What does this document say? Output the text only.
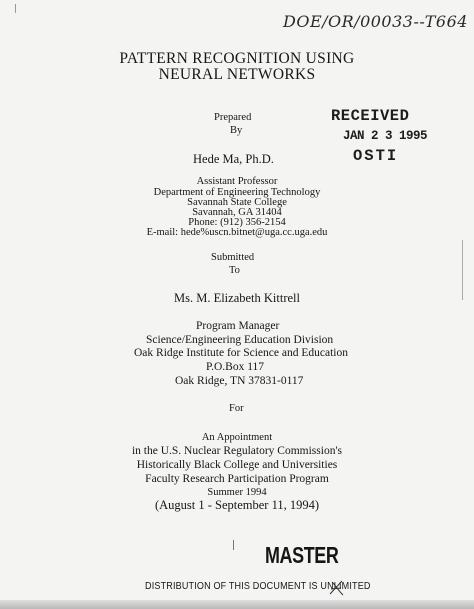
DOE/OR/00033--T664
PATTERN RECOGNITION USING
NEURAL NETWORKS
Prepared
By
RECEIVED
JAN 2 3 1995
OSTI
Hede Ma, Ph.D.
Assistant Professor
Department of Engineering Technology
Savannah State College
Savannah, GA 31404
Phone: (912) 356-2154
E-mail: hede%uscn.bitnet@uga.cc.uga.edu
Submitted
To
Ms. M. Elizabeth Kittrell
Program Manager
Science/Engineering Education Division
Oak Ridge Institute for Science and Education
P.O.Box 117
Oak Ridge, TN 37831-0117
For
An Appointment
in the U.S. Nuclear Regulatory Commission's
Historically Black College and Universities
Faculty Research Participation Program
Summer 1994
(August 1 - September 11, 1994)
MASTER
DISTRIBUTION OF THIS DOCUMENT IS UNLIMITED
